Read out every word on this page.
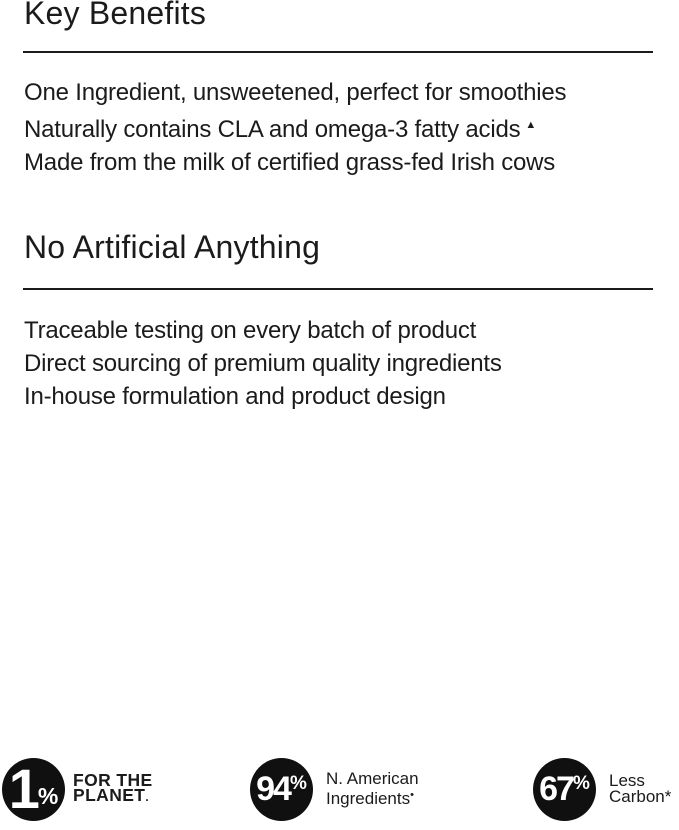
Key Benefits

One Ingredient, unsweetened, perfect for smoothies

Naturally contains CLA and omega-3 fatty acids ▲

Made from the milk of certified grass-fed Irish cows

No Artificial Anything

Traceable testing on every batch of product

Direct sourcing of premium quality ingredients

In-house formulation and product design

1 %
FOR THE
PLANET.	94 % N. American
Ingredients•	67 % Less
Carbon*
